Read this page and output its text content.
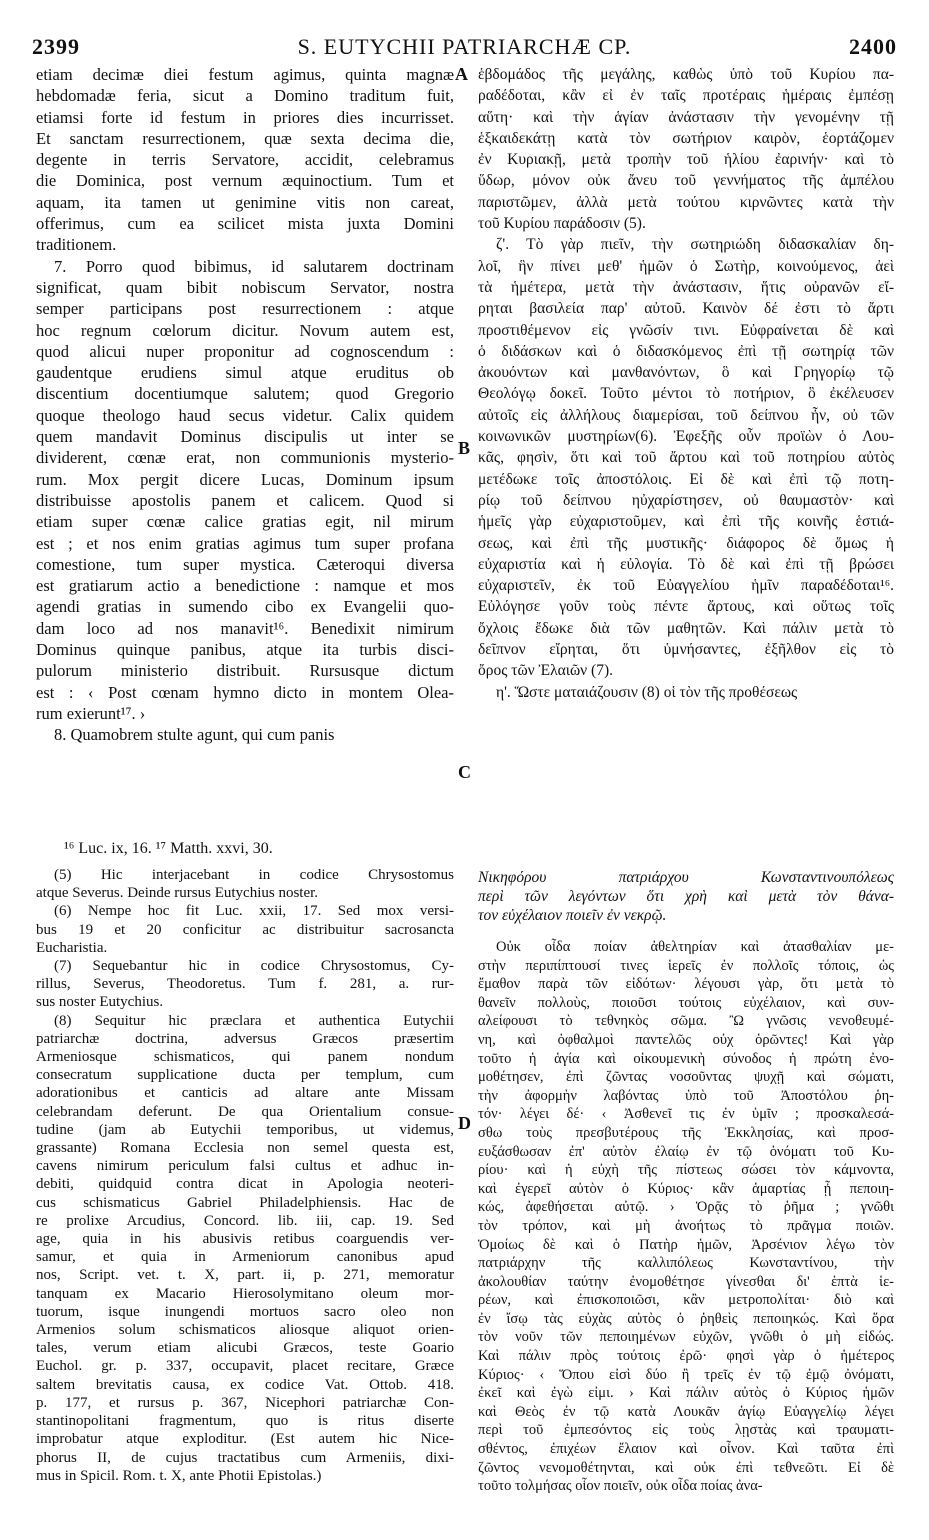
2399	S. EUTYCHII PATRIARCHÆ CP.	2400
A
B
C
D
etiam decimæ diei festum agimus, quinta magnæ
hebdomadæ feria, sicut a Domino traditum fuit,
etiamsi forte id festum in priores dies incurrisset.
Et sanctam resurrectionem, quæ sexta decima die,
degente in terris Servatore, accidit, celebramus
die Dominica, post vernum æquinoctium. Tum et
aquam, ita tamen ut genimine vitis non careat,
offerimus, cum ea scilicet mista juxta Domini
traditionem.
7. Porro quod bibimus, id salutarem doctrinam
significat, quam bibit nobiscum Servator, nostra
semper participans post resurrectionem : atque
hoc regnum cœlorum dicitur. Novum autem est,
quod alicui nuper proponitur ad cognoscendum :
gaudentque erudiens simul atque eruditus ob
discentium docentiumque salutem; quod Gregorio
quoque theologo haud secus videtur. Calix quidem
quem mandavit Dominus discipulis ut inter se
dividerent, cœnæ erat, non communionis mysterio-
rum. Mox pergit dicere Lucas, Dominum ipsum
distribuisse apostolis panem et calicem. Quod si
etiam super cœnæ calice gratias egit, nil mirum
est ; et nos enim gratias agimus tum super profana
comestione, tum super mystica. Cæteroqui diversa
est gratiarum actio a benedictione : namque et mos
agendi gratias in sumendo cibo ex Evangelii quo-
dam loco ad nos manavit¹⁶. Benedixit nimirum
Dominus quinque panibus, atque ita turbis disci-
pulorum ministerio distribuit. Rursusque dictum
est : ‹ Post cœnam hymno dicto in montem Olea-
rum exierunt¹⁷. ›
8. Quamobrem stulte agunt, qui cum panis
¹⁶ Luc. ix, 16. ¹⁷ Matth. xxvi, 30.
(5) Hic interjacebant in codice Chrysostomus
atque Severus. Deinde rursus Eutychius noster.
(6) Nempe hoc fit Luc. xxii, 17. Sed mox versi-
bus 19 et 20 conficitur ac distribuitur sacrosancta
Eucharistia.
(7) Sequebantur hic in codice Chrysostomus, Cy-
rillus, Severus, Theodoretus. Tum f. 281, a. rur-
sus noster Eutychius.
(8) Sequitur hic præclara et authentica Eutychii
patriarchæ doctrina, adversus Græcos præsertim
Armeniosque schismaticos, qui panem nondum
consecratum supplicatione ducta per templum, cum
adorationibus et canticis ad altare ante Missam
celebrandam deferunt. De qua Orientalium consue-
tudine (jam ab Eutychii temporibus, ut videmus,
grassante) Romana Ecclesia non semel questa est,
cavens nimirum periculum falsi cultus et adhuc in-
debiti, quidquid contra dicat in Apologia neoteri-
cus schismaticus Gabriel Philadelphiensis. Hac de
re prolixe Arcudius, Concord. lib. iii, cap. 19. Sed
age, quia in his abusivis retibus coarguendis ver-
samur, et quia in Armeniorum canonibus apud
nos, Script. vet. t. X, part. ii, p. 271, memoratur
tanquam ex Macario Hierosolymitano oleum mor-
tuorum, isque inungendi mortuos sacro oleo non
Armenios solum schismaticos aliosque aliquot orien-
tales, verum etiam alicubi Græcos, teste Goario
Euchol. gr. p. 337, occupavit, placet recitare, Græce
saltem brevitatis causa, ex codice Vat. Ottob. 418.
p. 177, et rursus p. 367, Nicephori patriarchæ Con-
stantinopolitani fragmentum, quo is ritus diserte
improbatur atque exploditur. (Est autem hic Nice-
phorus II, de cujus tractatibus cum Armeniis, dixi-
mus in Spicil. Rom. t. X, ante Photii Epistolas.)
ἑβδομάδος τῆς μεγάλης, καθὼς ὑπὸ τοῦ Κυρίου πα-
ραδέδοται, κἂν εἰ ἐν ταῖς προτέραις ἡμέραις ἐμπέσῃ
αὕτη· καὶ τὴν ἁγίαν ἀνάστασιν τὴν γενομένην τῇ
ἑξκαιδεκάτῃ κατὰ τὸν σωτήριον καιρὸν, ἑορτάζομεν
ἐν Κυριακῇ, μετὰ τροπὴν τοῦ ἡλίου ἐαρινήν· καὶ τὸ
ὕδωρ, μόνον οὐκ ἄνευ τοῦ γεννήματος τῆς ἀμπέλου
παριστῶμεν, ἀλλὰ μετὰ τούτου κιρνῶντες κατὰ τὴν
τοῦ Κυρίου παράδοσιν (5).
ζ'. Τὸ γὰρ πιεῖν, τὴν σωτηριώδη διδασκαλίαν δη-
λοῖ, ἣν πίνει μεθ' ἡμῶν ὁ Σωτὴρ, κοινούμενος, ἀεὶ
τὰ ἡμέτερα, μετὰ τὴν ἀνάστασιν, ἥτις οὐρανῶν εἴ-
ρηται βασιλεία παρ' αὐτοῦ. Καινὸν δέ ἐστι τὸ ἄρτι
προστιθέμενον εἰς γνῶσίν τινι. Εὐφραίνεται δὲ καὶ
ὁ διδάσκων καὶ ὁ διδασκόμενος ἐπὶ τῇ σωτηρίᾳ τῶν
ἀκουόντων καὶ μανθανόντων, ὃ καὶ Γρηγορίῳ τῷ
Θεολόγῳ δοκεῖ. Τοῦτο μέντοι τὸ ποτήριον, ὃ ἐκέλευσεν
αὐτοῖς εἰς ἀλλήλους διαμερίσαι, τοῦ δείπνου ἦν, οὐ τῶν
κοινωνικῶν μυστηρίων(6). Ἐφεξῆς οὖν προϊὼν ὁ Λου-
κᾶς, φησὶν, ὅτι καὶ τοῦ ἄρτου καὶ τοῦ ποτηρίου αὐτὸς
μετέδωκε τοῖς ἀποστόλοις. Εἰ δὲ καὶ ἐπὶ τῷ ποτη-
ρίῳ τοῦ δείπνου ηὐχαρίστησεν, οὐ θαυμαστὸν· καὶ
ἡμεῖς γὰρ εὐχαριστοῦμεν, καὶ ἐπὶ τῆς κοινῆς ἑστιά-
σεως, καὶ ἐπὶ τῆς μυστικῆς· διάφορος δὲ ὅμως ἡ
εὐχαριστία καὶ ἡ εὐλογία. Τὸ δὲ καὶ ἐπὶ τῇ βρώσει
εὐχαριστεῖν, ἐκ τοῦ Εὐαγγελίου ἡμῖν παραδέδοται¹⁶.
Εὐλόγησε γοῦν τοὺς πέντε ἄρτους, καὶ οὕτως τοῖς
ὄχλοις ἔδωκε διὰ τῶν μαθητῶν. Καὶ πάλιν μετὰ τὸ
δεῖπνον εἴρηται, ὅτι ὑμνήσαντες, ἐξῆλθον εἰς τὸ
ὄρος τῶν Ἐλαιῶν (7).
η'. Ὥστε ματαιάζουσιν (8) οἱ τὸν τῆς προθέσεως
Νικηφόρου πατριάρχου Κωνσταντινουπόλεως
περὶ τῶν λεγόντων ὅτι χρὴ καὶ μετὰ τὸν θάνα-
τον εὐχέλαιον ποιεῖν ἐν νεκρῷ.
Οὐκ οἶδα ποίαν ἀθελτηρίαν καὶ ἀτασθαλίαν με-
στὴν περιπίπτουσί τινες ἱερεῖς ἐν πολλοῖς τόποις, ὡς
ἔμαθον παρὰ τῶν εἰδότων· λέγουσι γὰρ, ὅτι μετὰ τὸ
θανεῖν πολλοὺς, ποιοῦσι τούτοις εὐχέλαιον, καὶ συν-
αλείφουσι τὸ τεθνηκὸς σῶμα. Ὢ γνῶσις νενοθευμέ-
νη, καὶ ὀφθαλμοὶ παντελῶς οὐχ ὁρῶντες! Καὶ γὰρ
τοῦτο ἡ ἁγία καὶ οἰκουμενικὴ σύνοδος ἡ πρώτη ἐνο-
μοθέτησεν, ἐπὶ ζῶντας νοσοῦντας ψυχῇ καὶ σώματι,
τὴν ἀφορμὴν λαβόντας ὑπὸ τοῦ Ἀποστόλου ῥη-
τόν· λέγει δέ· ‹ Ἀσθενεῖ τις ἐν ὑμῖν ; προσκαλεσά-
σθω τοὺς πρεσβυτέρους τῆς Ἐκκλησίας, καὶ προσ-
ευξάσθωσαν ἐπ' αὐτὸν ἐλαίῳ ἐν τῷ ὀνόματι τοῦ Κυ-
ρίου· καὶ ἡ εὐχὴ τῆς πίστεως σώσει τὸν κάμνοντα,
καὶ ἐγερεῖ αὐτὸν ὁ Κύριος· κἂν ἁμαρτίας ᾖ πεποιη-
κώς, ἀφεθήσεται αὐτῷ. › Ὁρᾷς τὸ ῥῆμα ; γνῶθι
τὸν τρόπον, καὶ μὴ ἀνοήτως τὸ πρᾶγμα ποιῶν.
Ὁμοίως δὲ καὶ ὁ Πατὴρ ἡμῶν, Ἀρσένιον λέγω τὸν
πατριάρχην τῆς καλλιπόλεως Κωνσταντίνου, τὴν
ἀκολουθίαν ταύτην ἐνομοθέτησε γίνεσθαι δι' ἑπτὰ ἱε-
ρέων, καὶ ἐπισκοποιῶσι, κἂν μετροπολίται· διὸ καὶ
ἐν ἴσῳ τὰς εὐχὰς αὐτὸς ὁ ῥηθεὶς πεποιηκώς. Καὶ ὅρα
τὸν νοῦν τῶν πεποιημένων εὐχῶν, γνῶθι ὁ μὴ εἰδώς.
Καὶ πάλιν πρὸς τούτοις ἐρῶ· φησὶ γὰρ ὁ ἡμέτερος
Κύριος· ‹ Ὅπου εἰσὶ δύο ἢ τρεῖς ἐν τῷ ἐμῷ ὀνόματι,
ἐκεῖ καὶ ἐγὼ εἰμι. › Καὶ πάλιν αὐτὸς ὁ Κύριος ἡμῶν
καὶ Θεὸς ἐν τῷ κατὰ Λουκᾶν ἁγίῳ Εὐαγγελίῳ λέγει
περὶ τοῦ ἐμπεσόντος εἰς τοὺς λῃστὰς καὶ τραυματι-
σθέντος, ἐπιχέων ἔλαιον καὶ οἶνον. Καὶ ταῦτα ἐπὶ
ζῶντος νενομοθέτηνται, καὶ οὐκ ἐπὶ τεθνεῶτι. Εἰ δὲ
τοῦτο τολμήσας οἷον ποιεῖν, οὐκ οἶδα ποίας ἀνα-
